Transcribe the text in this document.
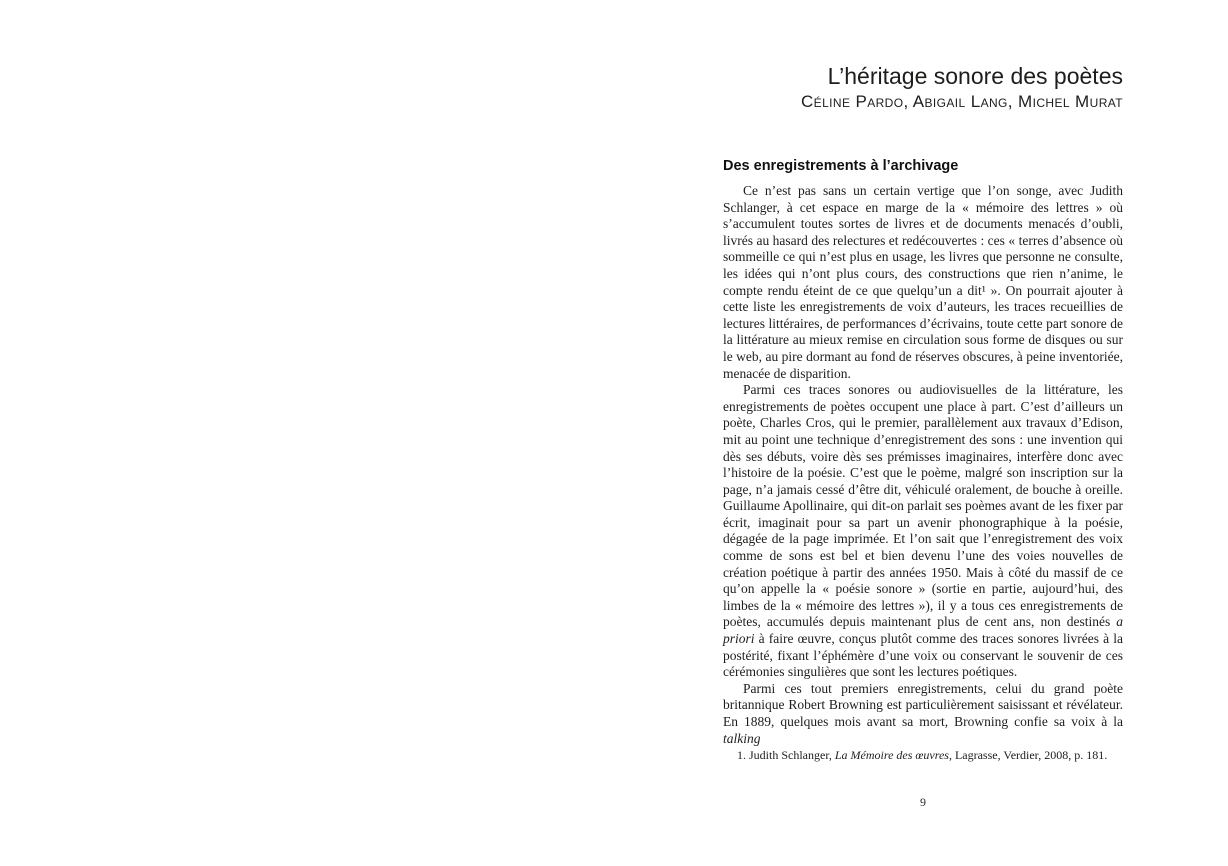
L’héritage sonore des poètes
Céline Pardo, Abigail Lang, Michel Murat
Des enregistrements à l’archivage

Ce n’est pas sans un certain vertige que l’on songe, avec Judith Schlanger, à cet espace en marge de la « mémoire des lettres » où s’accumulent toutes sortes de livres et de documents menacés d’oubli, livrés au hasard des relectures et redécouvertes : ces « terres d’absence où sommeille ce qui n’est plus en usage, les livres que personne ne consulte, les idées qui n’ont plus cours, des constructions que rien n’anime, le compte rendu éteint de ce que quelqu’un a dit¹ ». On pourrait ajouter à cette liste les enregistrements de voix d’auteurs, les traces recueillies de lectures littéraires, de performances d’écrivains, toute cette part sonore de la littérature au mieux remise en circulation sous forme de disques ou sur le web, au pire dormant au fond de réserves obscures, à peine inventoriée, menacée de disparition.

Parmi ces traces sonores ou audiovisuelles de la littérature, les enregistrements de poètes occupent une place à part. C’est d’ailleurs un poète, Charles Cros, qui le premier, parallèlement aux travaux d’Edison, mit au point une technique d’enregistrement des sons : une invention qui dès ses débuts, voire dès ses prémisses imaginaires, interfère donc avec l’histoire de la poésie. C’est que le poème, malgré son inscription sur la page, n’a jamais cessé d’être dit, véhiculé oralement, de bouche à oreille. Guillaume Apollinaire, qui dit-on parlait ses poèmes avant de les fixer par écrit, imaginait pour sa part un avenir phonographique à la poésie, dégagée de la page imprimée. Et l’on sait que l’enregistrement des voix comme de sons est bel et bien devenu l’une des voies nouvelles de création poétique à partir des années 1950. Mais à côté du massif de ce qu’on appelle la « poésie sonore » (sortie en partie, aujourd’hui, des limbes de la « mémoire des lettres »), il y a tous ces enregistrements de poètes, accumulés depuis maintenant plus de cent ans, non destinés a priori à faire œuvre, conçus plutôt comme des traces sonores livrées à la postérité, fixant l’éphémère d’une voix ou conservant le souvenir de ces cérémonies singulières que sont les lectures poétiques.

Parmi ces tout premiers enregistrements, celui du grand poète britannique Robert Browning est particulièrement saisissant et révélateur. En 1889, quelques mois avant sa mort, Browning confie sa voix à la talking

1. Judith Schlanger, La Mémoire des œuvres, Lagrasse, Verdier, 2008, p. 181.
9
